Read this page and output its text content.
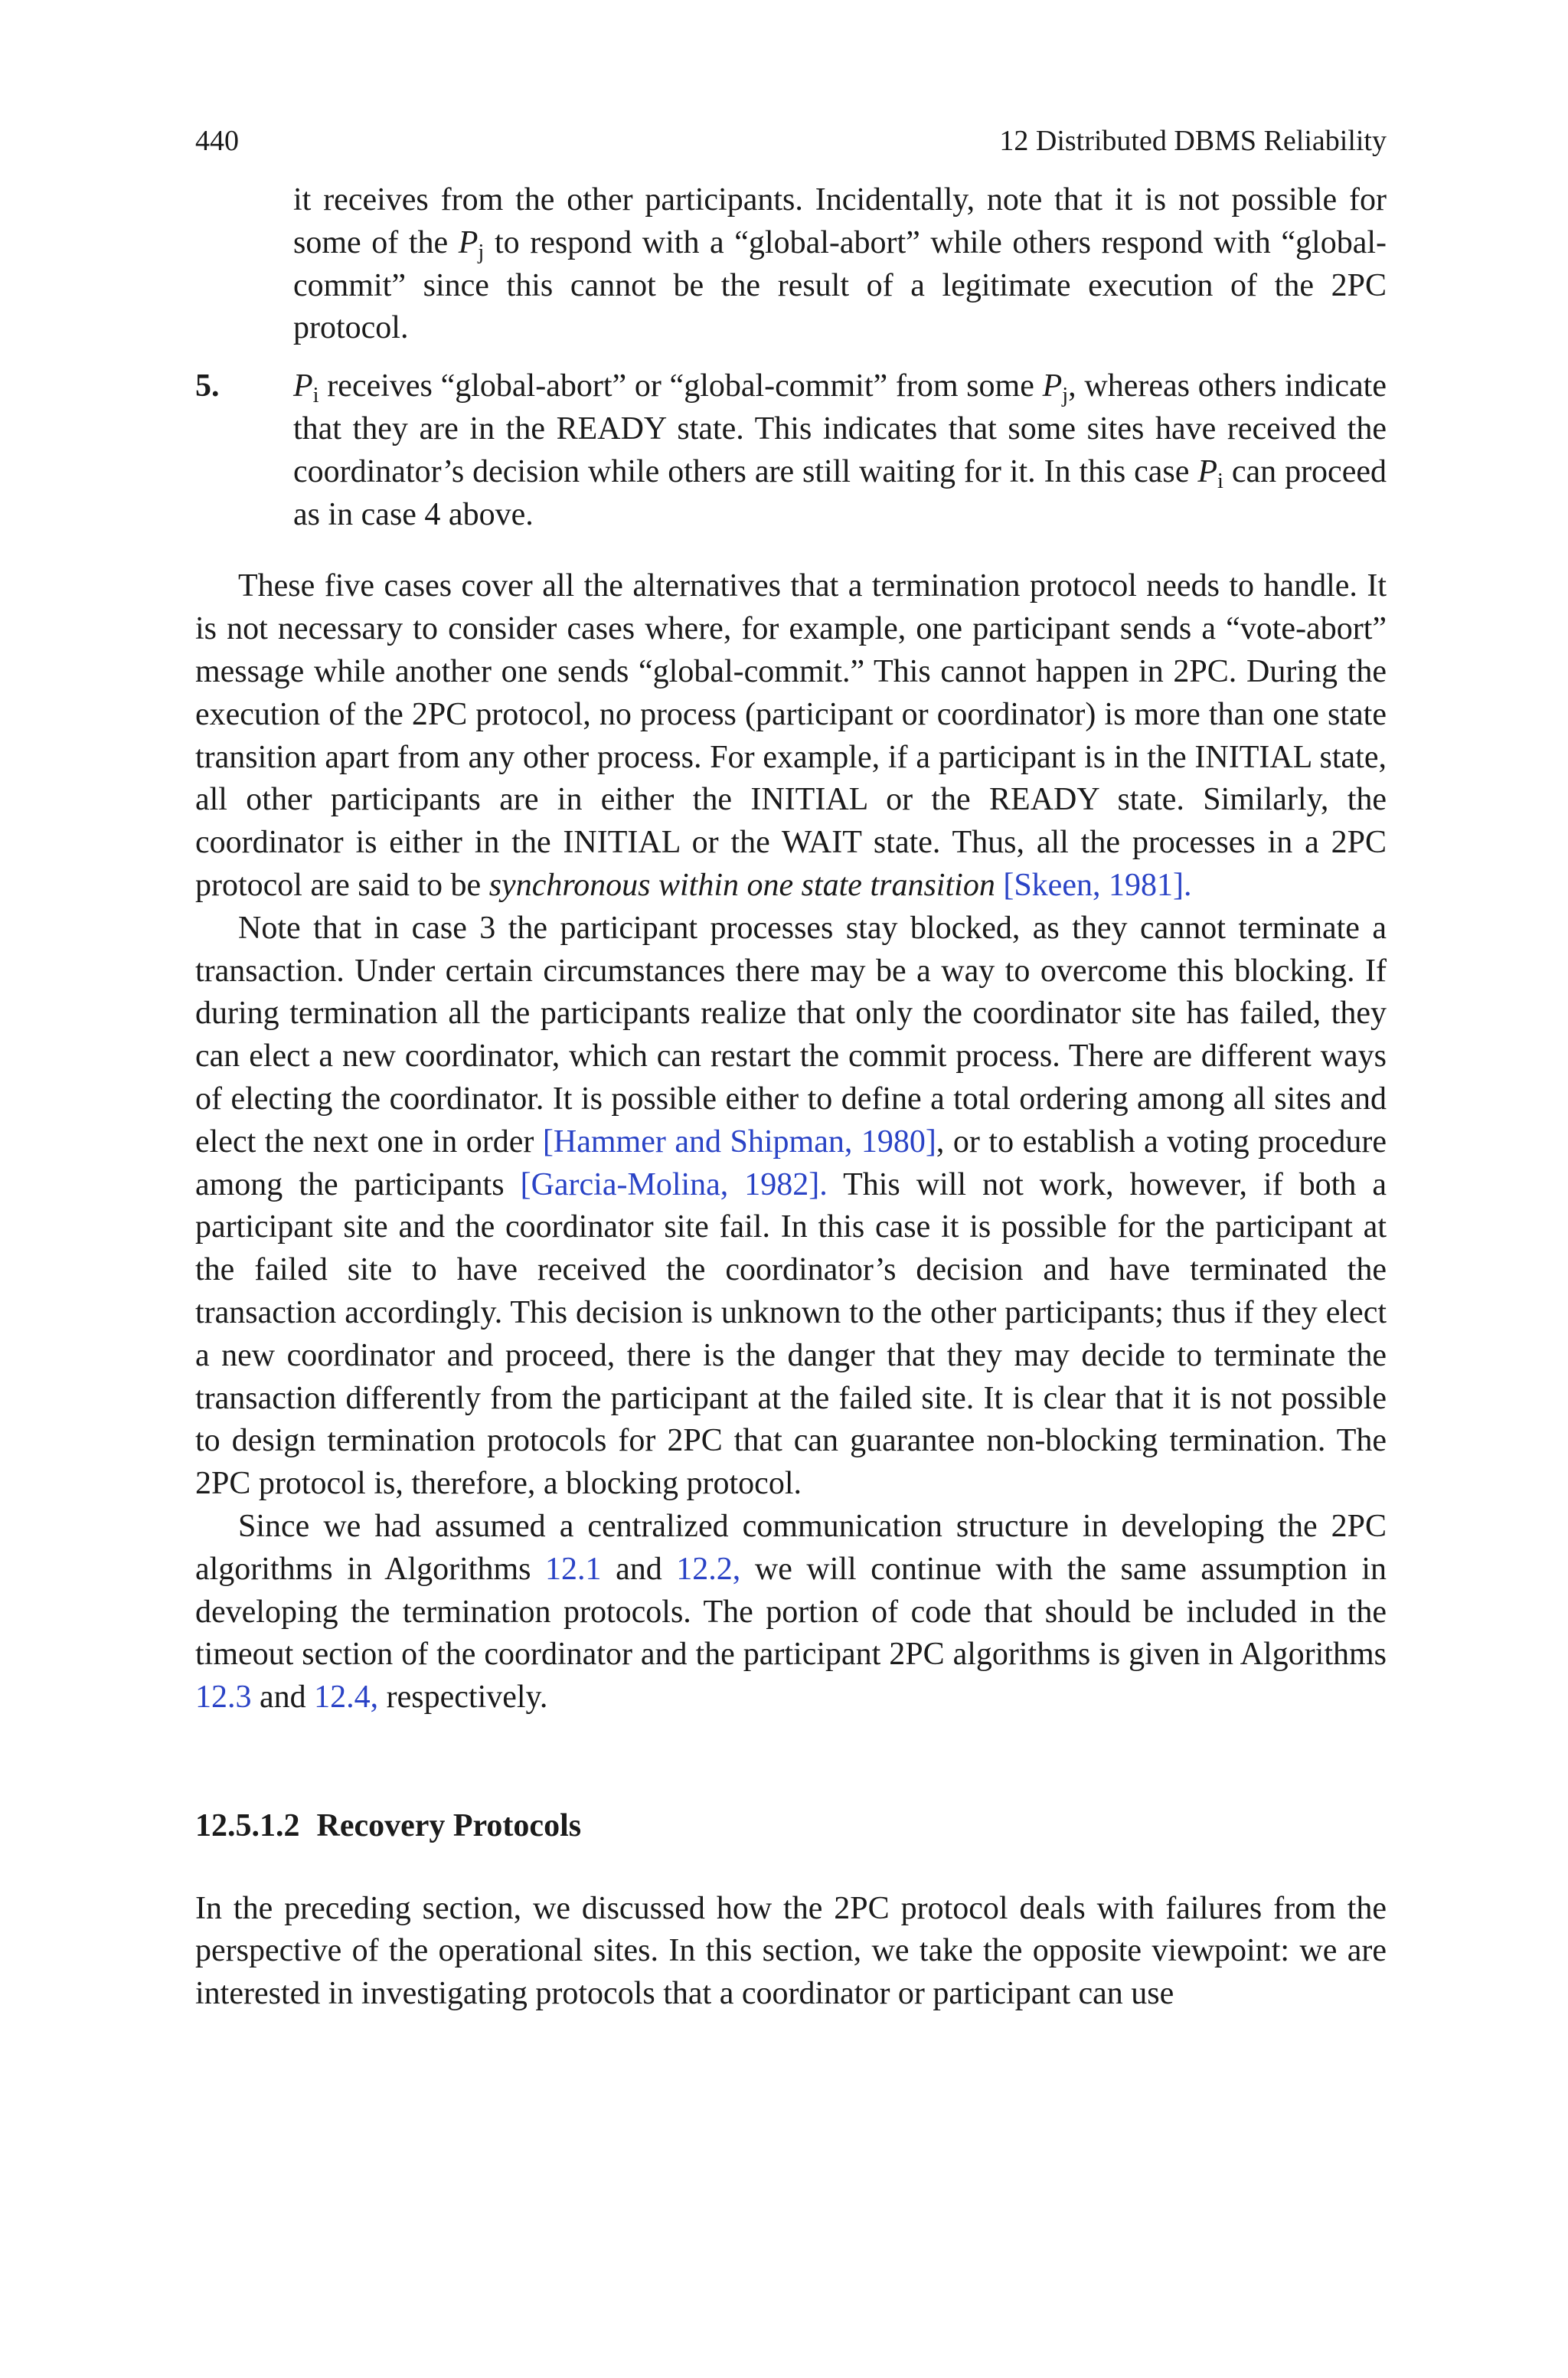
440	12 Distributed DBMS Reliability

it receives from the other participants. Incidentally, note that it is not possible for some of the $P_j$ to respond with a “global-abort” while others respond with “global-commit” since this cannot be the result of a legitimate execution of the 2PC protocol.

5.	$P_i$ receives “global-abort” or “global-commit” from some $P_j$, whereas others indicate that they are in the READY state. This indicates that some sites have received the coordinator’s decision while others are still waiting for it. In this case $P_i$ can proceed as in case 4 above.

These five cases cover all the alternatives that a termination protocol needs to handle. It is not necessary to consider cases where, for example, one participant sends a “vote-abort” message while another one sends “global-commit.” This cannot happen in 2PC. During the execution of the 2PC protocol, no process (participant or coordinator) is more than one state transition apart from any other process. For example, if a participant is in the INITIAL state, all other participants are in either the INITIAL or the READY state. Similarly, the coordinator is either in the INITIAL or the WAIT state. Thus, all the processes in a 2PC protocol are said to be synchronous within one state transition [Skeen, 1981].

Note that in case 3 the participant processes stay blocked, as they cannot terminate a transaction. Under certain circumstances there may be a way to overcome this blocking. If during termination all the participants realize that only the coordinator site has failed, they can elect a new coordinator, which can restart the commit process. There are different ways of electing the coordinator. It is possible either to define a total ordering among all sites and elect the next one in order [Hammer and Shipman, 1980], or to establish a voting procedure among the participants [Garcia-Molina, 1982]. This will not work, however, if both a participant site and the coordinator site fail. In this case it is possible for the participant at the failed site to have received the coordinator’s decision and have terminated the transaction accordingly. This decision is unknown to the other participants; thus if they elect a new coordinator and proceed, there is the danger that they may decide to terminate the transaction differently from the participant at the failed site. It is clear that it is not possible to design termination protocols for 2PC that can guarantee non-blocking termination. The 2PC protocol is, therefore, a blocking protocol.

Since we had assumed a centralized communication structure in developing the 2PC algorithms in Algorithms 12.1 and 12.2, we will continue with the same assumption in developing the termination protocols. The portion of code that should be included in the timeout section of the coordinator and the participant 2PC algorithms is given in Algorithms 12.3 and 12.4, respectively.

12.5.1.2 Recovery Protocols

In the preceding section, we discussed how the 2PC protocol deals with failures from the perspective of the operational sites. In this section, we take the opposite viewpoint: we are interested in investigating protocols that a coordinator or participant can use
